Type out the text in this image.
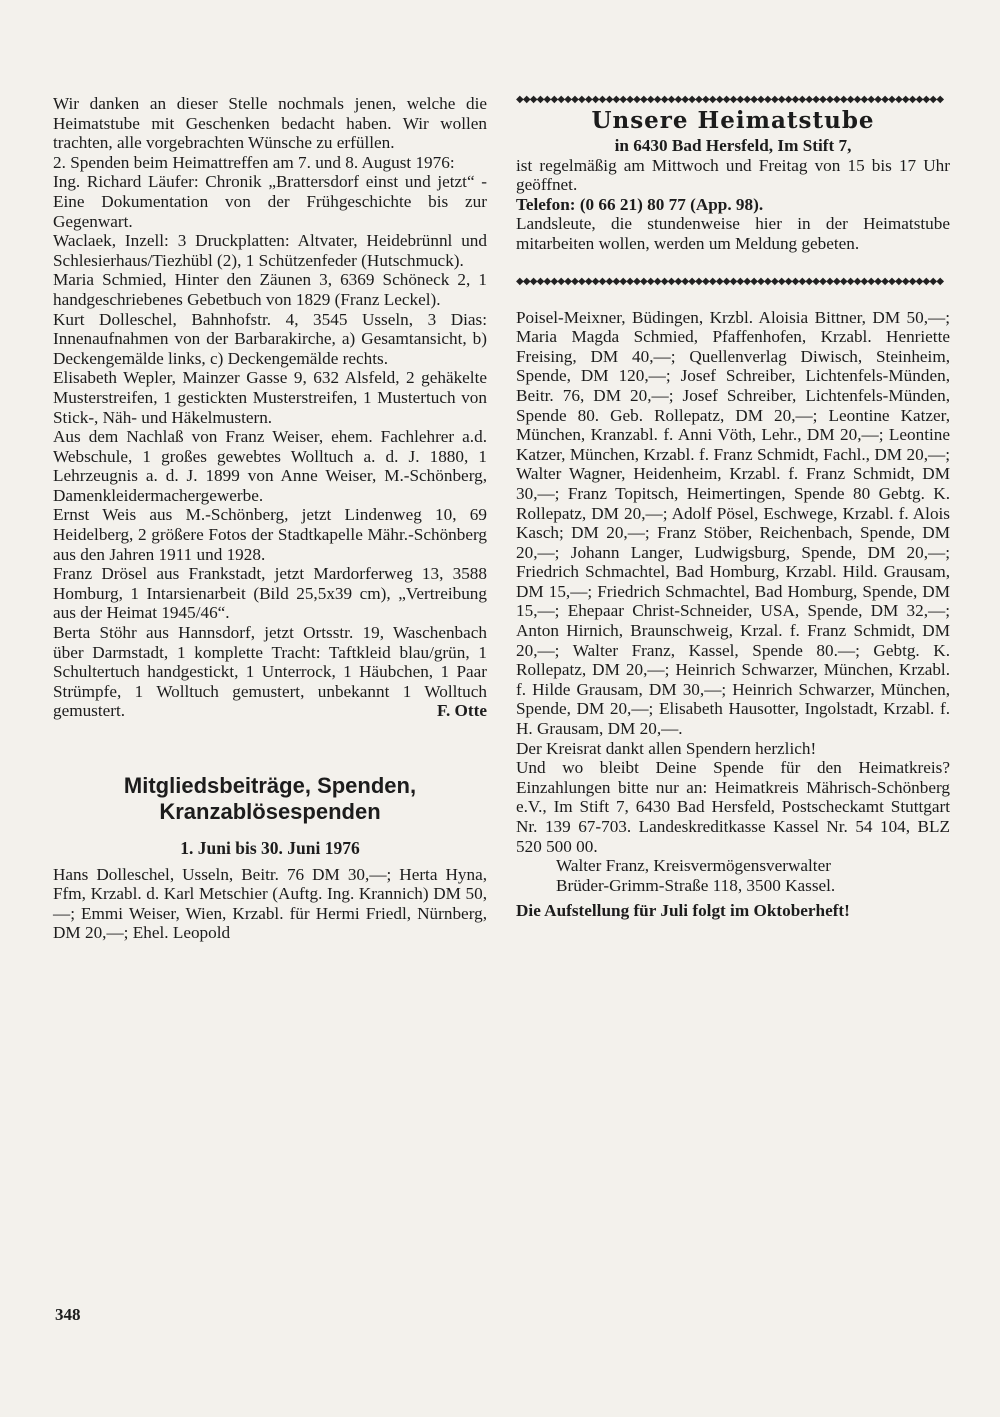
Wir danken an dieser Stelle nochmals jenen, welche die Heimatstube mit Geschenken bedacht haben. Wir wollen trachten, alle vorgebrachten Wünsche zu erfüllen.

2. Spenden beim Heimattreffen am 7. und 8. August 1976:

Ing. Richard Läufer: Chronik „Brattersdorf einst und jetzt“ - Eine Dokumentation von der Frühgeschichte bis zur Gegenwart.

Waclaek, Inzell: 3 Druckplatten: Altvater, Heidebrünnl und Schlesierhaus/Tiezhübl (2), 1 Schützenfeder (Hutschmuck).

Maria Schmied, Hinter den Zäunen 3, 6369 Schöneck 2, 1 handgeschriebenes Gebetbuch von 1829 (Franz Leckel).

Kurt Dolleschel, Bahnhofstr. 4, 3545 Usseln, 3 Dias: Innenaufnahmen von der Barbarakirche, a) Gesamtansicht, b) Deckengemälde links, c) Deckengemälde rechts.

Elisabeth Wepler, Mainzer Gasse 9, 632 Alsfeld, 2 gehäkelte Musterstreifen, 1 gestickten Musterstreifen, 1 Mustertuch von Stick-, Näh- und Häkelmustern.

Aus dem Nachlaß von Franz Weiser, ehem. Fachlehrer a.d. Webschule, 1 großes gewebtes Wolltuch a. d. J. 1880, 1 Lehrzeugnis a. d. J. 1899 von Anne Weiser, M.-Schönberg, Damenkleidermachergewerbe.

Ernst Weis aus M.-Schönberg, jetzt Lindenweg 10, 69 Heidelberg, 2 größere Fotos der Stadtkapelle Mähr.-Schönberg aus den Jahren 1911 und 1928.

Franz Drösel aus Frankstadt, jetzt Mardorferweg 13, 3588 Homburg, 1 Intarsienarbeit (Bild 25,5x39 cm), „Vertreibung aus der Heimat 1945/46“.

Berta Stöhr aus Hannsdorf, jetzt Ortsstr. 19, Waschenbach über Darmstadt, 1 komplette Tracht: Taftkleid blau/grün, 1 Schultertuch handgestickt, 1 Unterrock, 1 Häubchen, 1 Paar Strümpfe, 1 Wolltuch gemustert, unbekannt 1 Wolltuch gemustert.	F. Otte

Mitgliedsbeiträge, Spenden,

Kranzablösespenden

1. Juni bis 30. Juni 1976

Hans Dolleschel, Usseln, Beitr. 76 DM 30,—; Herta Hyna, Ffm, Krzabl. d. Karl Metschier (Auftg. Ing. Krannich) DM 50,—; Emmi Weiser, Wien, Krzabl. für Hermi Friedl, Nürnberg, DM 20,—; Ehel. Leopold

◆◆◆◆◆◆◆◆◆◆◆◆◆◆◆◆◆◆◆◆◆◆◆◆◆◆◆◆◆◆◆◆◆◆◆◆◆◆◆◆◆◆◆◆◆◆◆◆◆◆◆◆◆◆◆◆◆◆◆◆◆◆

Unsere Heimatstube

in 6430 Bad Hersfeld, Im Stift 7,

ist regelmäßig am Mittwoch und Freitag von 15 bis 17 Uhr geöffnet.

Telefon: (0 66 21) 80 77 (App. 98).

Landsleute, die stundenweise hier in der Heimatstube mitarbeiten wollen, werden um Meldung gebeten.

◆◆◆◆◆◆◆◆◆◆◆◆◆◆◆◆◆◆◆◆◆◆◆◆◆◆◆◆◆◆◆◆◆◆◆◆◆◆◆◆◆◆◆◆◆◆◆◆◆◆◆◆◆◆◆◆◆◆◆◆◆◆

Poisel-Meixner, Büdingen, Krzbl. Aloisia Bittner, DM 50,—; Maria Magda Schmied, Pfaffenhofen, Krzabl. Henriette Freising, DM 40,—; Quellenverlag Diwisch, Steinheim, Spende, DM 120,—; Josef Schreiber, Lichtenfels-Münden, Beitr. 76, DM 20,—; Josef Schreiber, Lichtenfels-Münden, Spende 80. Geb. Rollepatz, DM 20,—; Leontine Katzer, München, Kranzabl. f. Anni Vöth, Lehr., DM 20,—; Leontine Katzer, München, Krzabl. f. Franz Schmidt, Fachl., DM 20,—; Walter Wagner, Heidenheim, Krzabl. f. Franz Schmidt, DM 30,—; Franz Topitsch, Heimertingen, Spende 80 Gebtg. K. Rollepatz, DM 20,—; Adolf Pösel, Eschwege, Krzabl. f. Alois Kasch; DM 20,—; Franz Stöber, Reichenbach, Spende, DM 20,—; Johann Langer, Ludwigsburg, Spende, DM 20,—; Friedrich Schmachtel, Bad Homburg, Krzabl. Hild. Grausam, DM 15,—; Friedrich Schmachtel, Bad Homburg, Spende, DM 15,—; Ehepaar Christ-Schneider, USA, Spende, DM 32,—; Anton Hirnich, Braunschweig, Krzal. f. Franz Schmidt, DM 20,—; Walter Franz, Kassel, Spende 80.—; Gebtg. K. Rollepatz, DM 20,—; Heinrich Schwarzer, München, Krzabl. f. Hilde Grausam, DM 30,—; Heinrich Schwarzer, München, Spende, DM 20,—; Elisabeth Hausotter, Ingolstadt, Krzabl. f. H. Grausam, DM 20,—.

Der Kreisrat dankt allen Spendern herzlich!

Und wo bleibt Deine Spende für den Heimatkreis? Einzahlungen bitte nur an: Heimatkreis Mährisch-Schönberg e.V., Im Stift 7, 6430 Bad Hersfeld, Postscheckamt Stuttgart Nr. 139 67-703. Landeskreditkasse Kassel Nr. 54 104, BLZ 520 500 00.

Walter Franz, Kreisvermögensverwalter

Brüder-Grimm-Straße 118, 3500 Kassel.

Die Aufstellung für Juli folgt im Oktoberheft!

348
